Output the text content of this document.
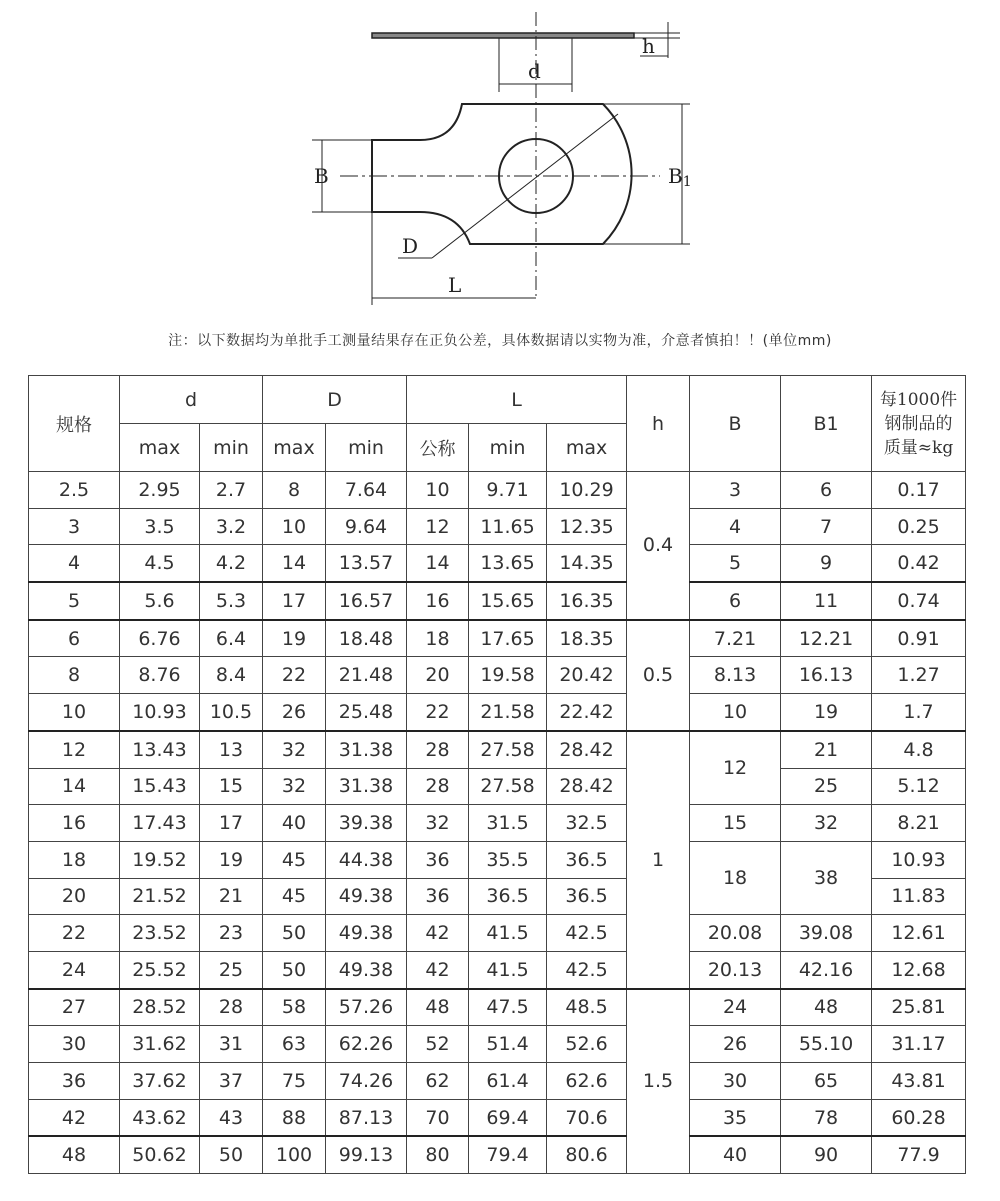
h
d
D
B	B1
L
注：以下数据均为单批手工测量结果存在正负公差，具体数据请以实物为准，介意者慎拍！！(单位mm)
规格	d		D		L			h	B	B1	每1000件
钢制品的
质量≈kg

	max	min	max	min	公称	min	max				
2.5	2.95	2.7	8	7.64	10	9.71	10.29	0.4	3	6	0.17
3	3.5	3.2	10	9.64	12	11.65	12.35		4	7	0.25
4	4.5	4.2	14	13.57	14	13.65	14.35		5	9	0.42
5	5.6	5.3	17	16.57	16	15.65	16.35		6	11	0.74
6	6.76	6.4	19	18.48	18	17.65	18.35	0.5	7.21	12.21	0.91
8	8.76	8.4	22	21.48	20	19.58	20.42		8.13	16.13	1.27
10	10.93	10.5	26	25.48	22	21.58	22.42		10	19	1.7
12	13.43	13	32	31.38	28	27.58	28.42	1	12	21	4.8
14	15.43	15	32	31.38	28	27.58	28.42			25	5.12
16	17.43	17	40	39.38	32	31.5	32.5		15	32	8.21
18	19.52	19	45	44.38	36	35.5	36.5		18	38	10.93
20	21.52	21	45	49.38	36	36.5	36.5				11.83
22	23.52	23	50	49.38	42	41.5	42.5		20.08	39.08	12.61
24	25.52	25	50	49.38	42	41.5	42.5		20.13	42.16	12.68
27	28.52	28	58	57.26	48	47.5	48.5	1.5	24	48	25.81
30	31.62	31	63	62.26	52	51.4	52.6		26	55.10	31.17
36	37.62	37	75	74.26	62	61.4	62.6		30	65	43.81
42	43.62	43	88	87.13	70	69.4	70.6		35	78	60.28
48	50.62	50	100	99.13	80	79.4	80.6		40	90	77.9
